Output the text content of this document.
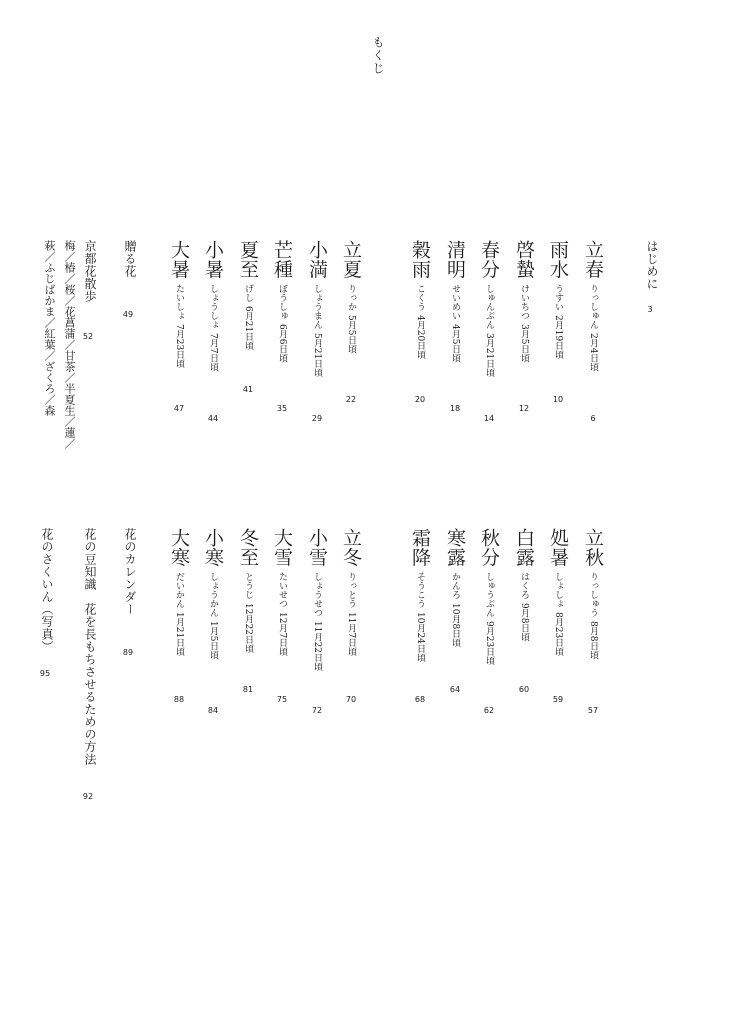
もくじ
はじめに
3
立春りっしゅん2月4日頃
6
雨水うすい2月19日頃
10
啓蟄けいちつ3月5日頃
12
春分しゅんぶん3月21日頃
14
清明せいめい4月5日頃
18
穀雨こくう4月20日頃
20
立夏りっか5月5日頃
22
小満しょうまん5月21日頃
29
芒種ぼうしゅ6月6日頃
35
夏至げし6月21日頃
41
小暑しょうしょ7月7日頃
44
大暑たいしょ7月23日頃
47
贈る花
49
京都花散歩
52
立秋りっしゅう8月8日頃
57
処暑しょしょ8月23日頃
59
白露はくろ9月8日頃
60
秋分しゅうぶん9月23日頃
62
寒露かんろ10月8日頃
64
霜降そうこう10月24日頃
68
立冬りっとう11月7日頃
70
小雪しょうせつ11月22日頃
72
大雪たいせつ12月7日頃
75
冬至とうじ12月22日頃
81
小寒しょうかん1月5日頃
84
大寒だいかん1月21日頃
88
花のカレンダー
89
花の豆知識　花を長もちさせるための方法
92
花のさくいん（写真）
95
梅／椿／桜／花菖蒲／甘茶／半夏生／蓮／
萩／ふじばかま／紅葉／ざくろ／森
